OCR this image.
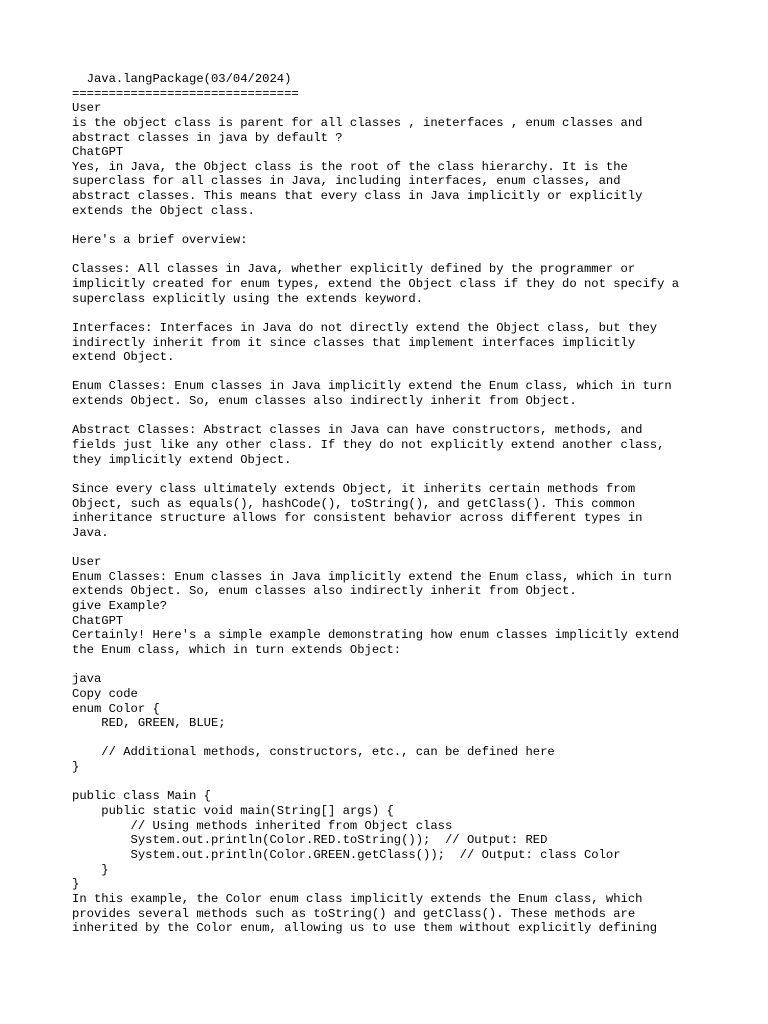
Java.langPackage(03/04/2024)
===============================
User
is the object class is parent for all classes , ineterfaces , enum classes and
abstract classes in java by default ?
ChatGPT
Yes, in Java, the Object class is the root of the class hierarchy. It is the
superclass for all classes in Java, including interfaces, enum classes, and
abstract classes. This means that every class in Java implicitly or explicitly
extends the Object class.
Here's a brief overview:
Classes: All classes in Java, whether explicitly defined by the programmer or
implicitly created for enum types, extend the Object class if they do not specify a
superclass explicitly using the extends keyword.
Interfaces: Interfaces in Java do not directly extend the Object class, but they
indirectly inherit from it since classes that implement interfaces implicitly
extend Object.
Enum Classes: Enum classes in Java implicitly extend the Enum class, which in turn
extends Object. So, enum classes also indirectly inherit from Object.
Abstract Classes: Abstract classes in Java can have constructors, methods, and
fields just like any other class. If they do not explicitly extend another class,
they implicitly extend Object.
Since every class ultimately extends Object, it inherits certain methods from
Object, such as equals(), hashCode(), toString(), and getClass(). This common
inheritance structure allows for consistent behavior across different types in
Java.
User
Enum Classes: Enum classes in Java implicitly extend the Enum class, which in turn
extends Object. So, enum classes also indirectly inherit from Object.
give Example?
ChatGPT
Certainly! Here's a simple example demonstrating how enum classes implicitly extend
the Enum class, which in turn extends Object:
java
Copy code
enum Color {
RED, GREEN, BLUE;
// Additional methods, constructors, etc., can be defined here
}
public class Main {
public static void main(String[] args) {
// Using methods inherited from Object class
System.out.println(Color.RED.toString());  // Output: RED
System.out.println(Color.GREEN.getClass());  // Output: class Color
}
}
In this example, the Color enum class implicitly extends the Enum class, which
provides several methods such as toString() and getClass(). These methods are
inherited by the Color enum, allowing us to use them without explicitly defining
